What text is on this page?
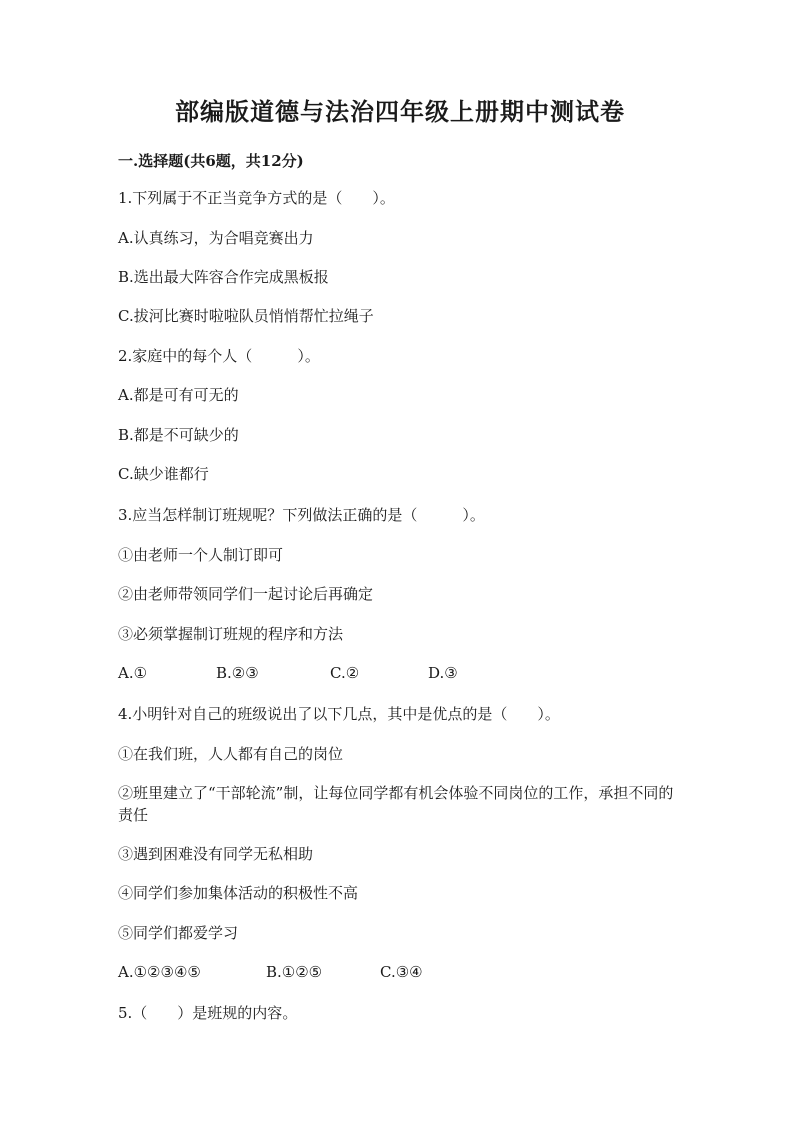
部编版道德与法治四年级上册期中测试卷
一.选择题(共6题，共12分)
1.下列属于不正当竞争方式的是（　　）。
A.认真练习，为合唱竞赛出力
B.选出最大阵容合作完成黑板报
C.拔河比赛时啦啦队员悄悄帮忙拉绳子
2.家庭中的每个人（　　　）。
A.都是可有可无的
B.都是不可缺少的
C.缺少谁都行
3.应当怎样制订班规呢？下列做法正确的是（　　　）。
①由老师一个人制订即可
②由老师带领同学们一起讨论后再确定
③必须掌握制订班规的程序和方法
A.①	B.②③	C.②	D.③
4.小明针对自己的班级说出了以下几点，其中是优点的是（　　）。
①在我们班，人人都有自己的岗位
②班里建立了“干部轮流”制，让每位同学都有机会体验不同岗位的工作，承担不同的责任
③遇到困难没有同学无私相助
④同学们参加集体活动的积极性不高
⑤同学们都爱学习
A.①②③④⑤	B.①②⑤	C.③④
5.（　　）是班规的内容。
